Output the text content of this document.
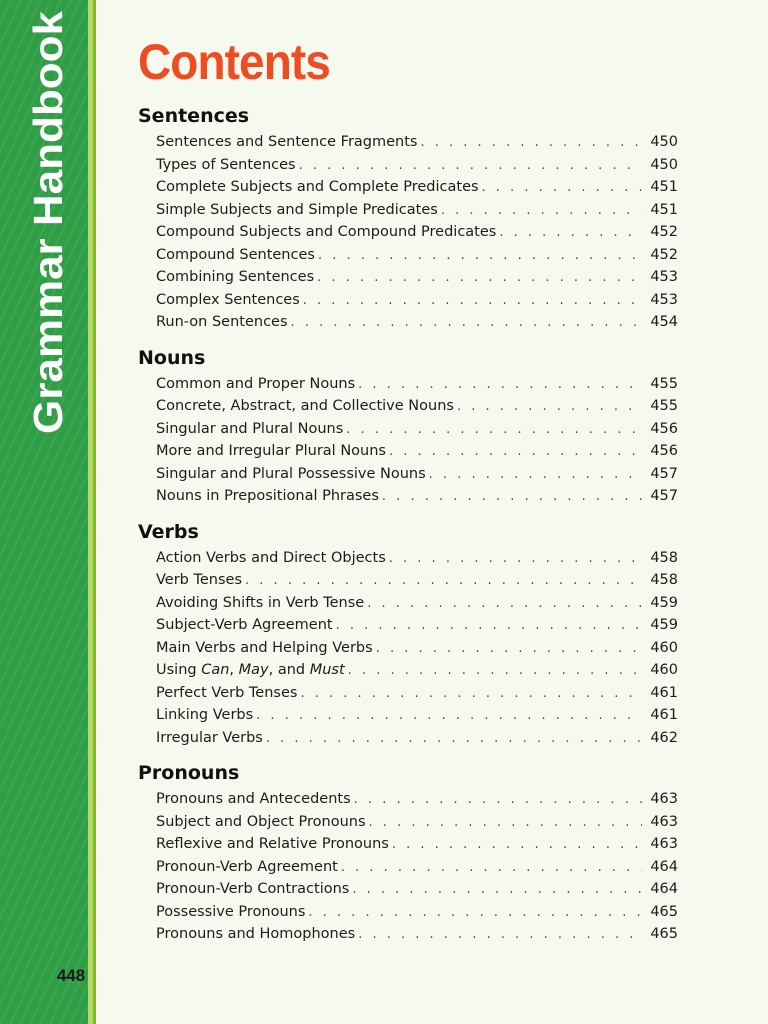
Grammar Handbook
448
Contents
Sentences
Sentences and Sentence Fragments . . .	450
Types of Sentences . . .	450
Complete Subjects and Complete Predicates . . .	451
Simple Subjects and Simple Predicates . . .	451
Compound Subjects and Compound Predicates . . .	452
Compound Sentences . . .	452
Combining Sentences . . .	453
Complex Sentences . . .	453
Run-on Sentences . . .	454
Nouns
Common and Proper Nouns . . .	455
Concrete, Abstract, and Collective Nouns . . .	455
Singular and Plural Nouns . . .	456
More and Irregular Plural Nouns . . .	456
Singular and Plural Possessive Nouns . . .	457
Nouns in Prepositional Phrases . . .	457
Verbs
Action Verbs and Direct Objects . . .	458
Verb Tenses . . .	458
Avoiding Shifts in Verb Tense . . .	459
Subject-Verb Agreement . . .	459
Main Verbs and Helping Verbs . . .	460
Using Can, May, and Must . . .	460
Perfect Verb Tenses . . .	461
Linking Verbs . . .	461
Irregular Verbs . . .	462
Pronouns
Pronouns and Antecedents . . .	463
Subject and Object Pronouns . . .	463
Reflexive and Relative Pronouns . . .	463
Pronoun-Verb Agreement . . .	464
Pronoun-Verb Contractions . . .	464
Possessive Pronouns . . .	465
Pronouns and Homophones . . .	465
